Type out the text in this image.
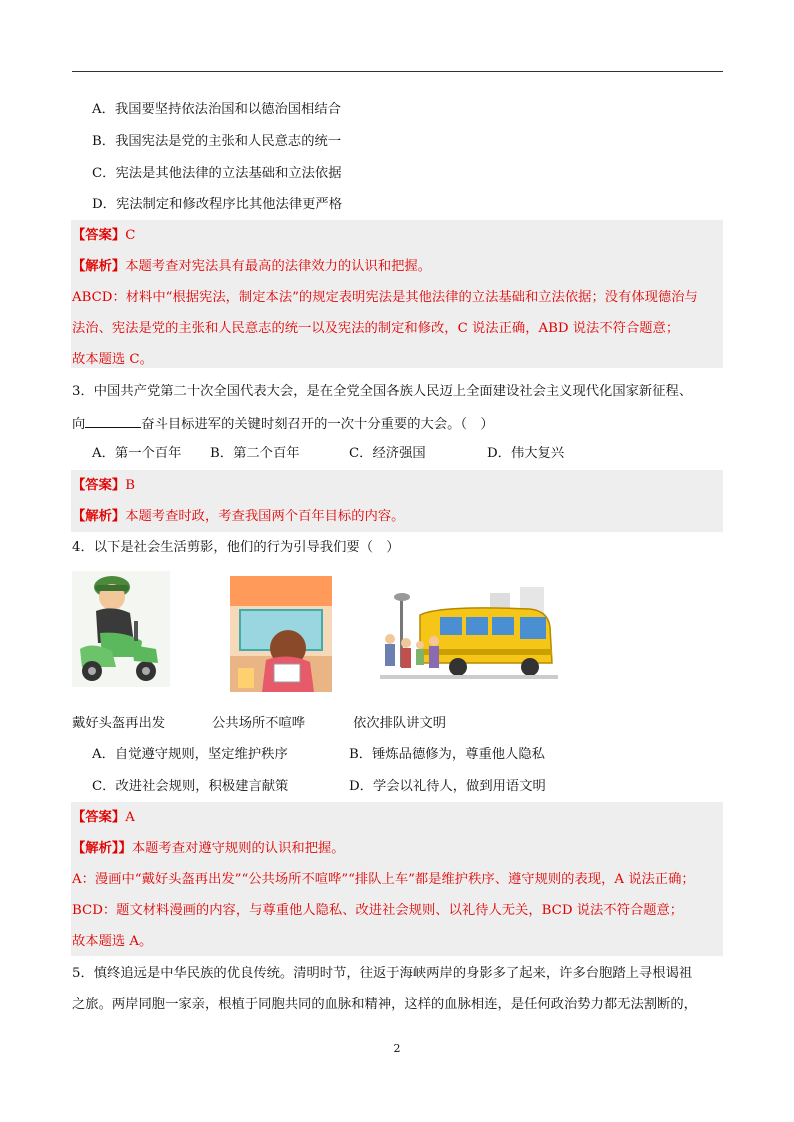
A．我国要坚持依法治国和以德治国相结合
B．我国宪法是党的主张和人民意志的统一
C．宪法是其他法律的立法基础和立法依据
D．宪法制定和修改程序比其他法律更严格
【答案】C
【解析】本题考查对宪法具有最高的法律效力的认识和把握。
ABCD：材料中“根据宪法，制定本法”的规定表明宪法是其他法律的立法基础和立法依据；没有体现德治与
法治、宪法是党的主张和人民意志的统一以及宪法的制定和修改，C 说法正确，ABD 说法不符合题意；
故本题选 C。
3．中国共产党第二十次全国代表大会，是在全党全国各族人民迈上全面建设社会主义现代化国家新征程、
向	奋斗目标进军的关键时刻召开的一次十分重要的大会。（　）
A．第一个百年 B．第二个百年	C．经济强国	D．伟大复兴
【答案】B
【解析】本题考查时政，考查我国两个百年目标的内容。
4．以下是社会生活剪影，他们的行为引导我们要（　）
戴好头盔再出发	公共场所不喧哗	依次排队讲文明
A．自觉遵守规则，坚定维护秩序	B．锤炼品德修为，尊重他人隐私
C．改进社会规则，积极建言献策	D．学会以礼待人，做到用语文明
【答案】A
【解析】】本题考查对遵守规则的认识和把握。
A：漫画中“戴好头盔再出发”“公共场所不喧哗”“排队上车”都是维护秩序、遵守规则的表现，A 说法正确；
BCD：题文材料漫画的内容，与尊重他人隐私、改进社会规则、以礼待人无关，BCD 说法不符合题意；
故本题选 A。
5．慎终追远是中华民族的优良传统。清明时节，往返于海峡两岸的身影多了起来，许多台胞踏上寻根谒祖
之旅。两岸同胞一家亲，根植于同胞共同的血脉和精神，这样的血脉相连，是任何政治势力都无法割断的，
2
